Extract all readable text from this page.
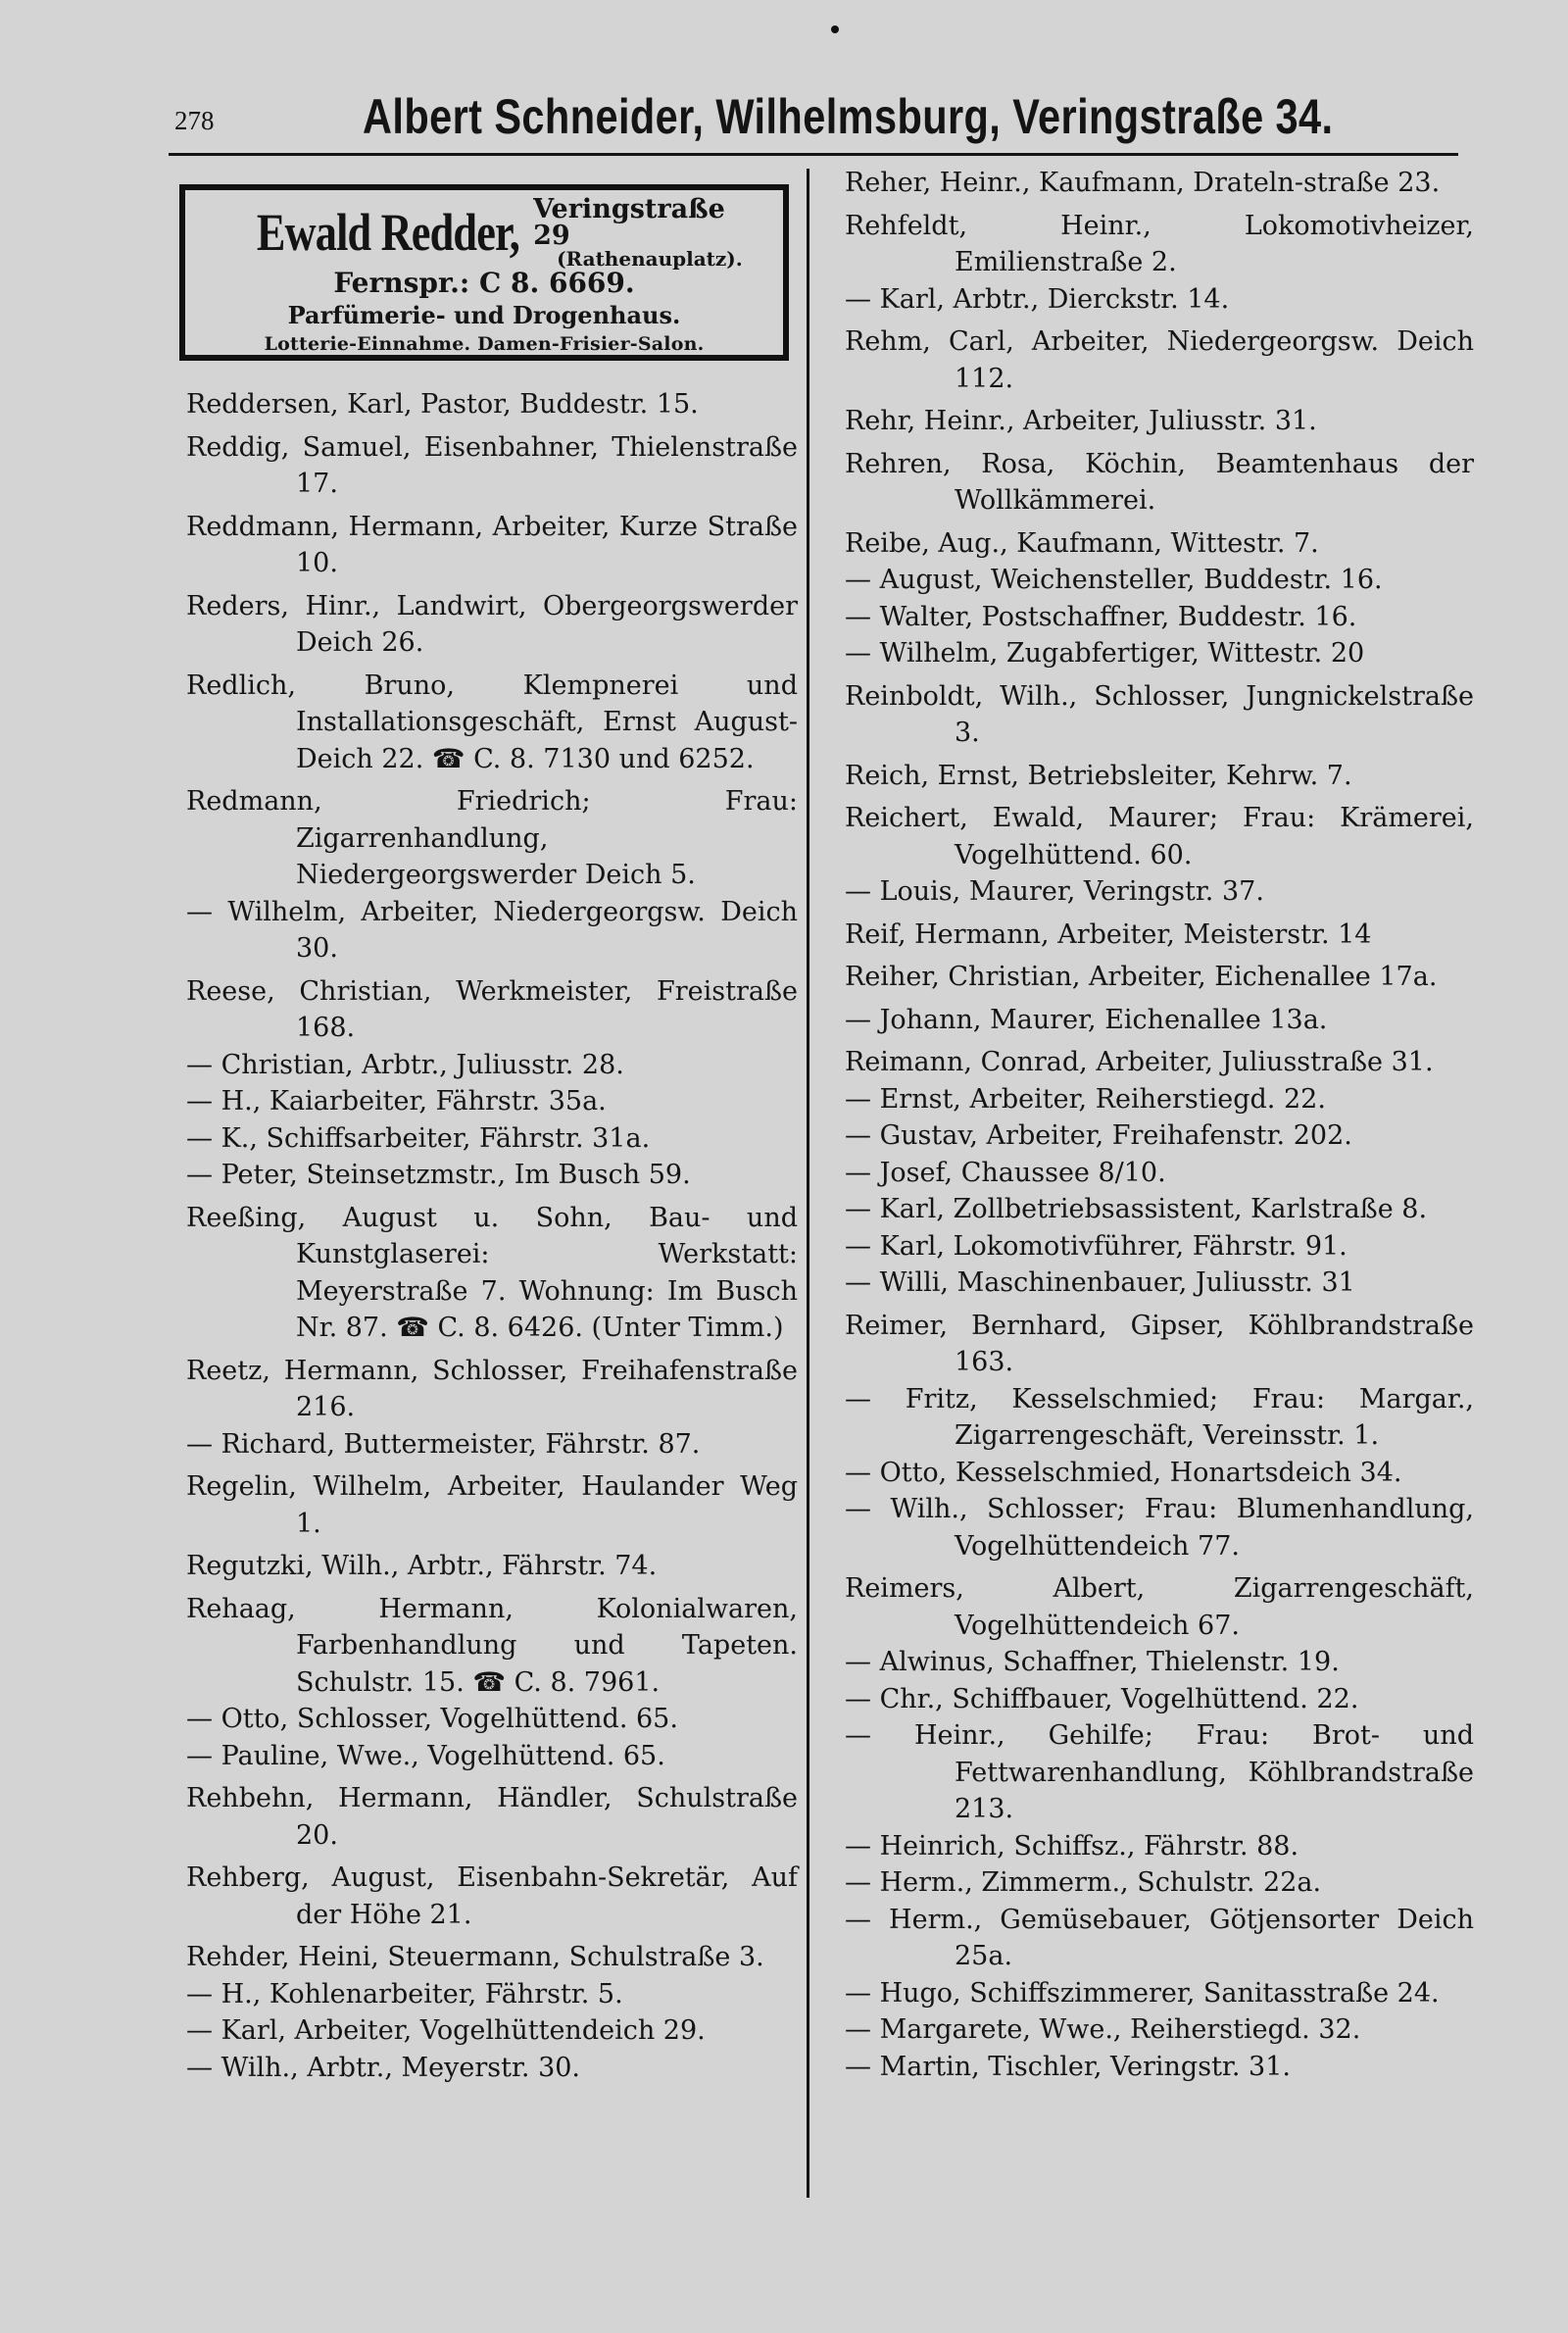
278	Albert Schneider, Wilhelmsburg, Veringstraße 34.
Ewald Redder, Veringstraße 29
(Rathenauplatz).
Fernspr.: C 8. 6669.
Parfümerie- und Drogenhaus.
Lotterie-Einnahme. Damen-Frisier-Salon.
Reddersen, Karl, Pastor, Buddestr. 15.
Reddig, Samuel, Eisenbahner, Thielenstraße 17.
Reddmann, Hermann, Arbeiter, Kurze Straße 10.
Reders, Hinr., Landwirt, Obergeorgswerder Deich 26.
Redlich, Bruno, Klempnerei und Installationsgeschäft, Ernst August-Deich 22. ☎ C. 8. 7130 und 6252.
Redmann, Friedrich; Frau: Zigarrenhandlung, Niedergeorgswerder Deich 5.
— Wilhelm, Arbeiter, Niedergeorgsw. Deich 30.
Reese, Christian, Werkmeister, Freistraße 168.
— Christian, Arbtr., Juliusstr. 28.
— H., Kaiarbeiter, Fährstr. 35a.
— K., Schiffsarbeiter, Fährstr. 31a.
— Peter, Steinsetzmstr., Im Busch 59.
Reeßing, August u. Sohn, Bau- und Kunstglaserei: Werkstatt: Meyerstraße 7. Wohnung: Im Busch Nr. 87. ☎ C. 8. 6426. (Unter Timm.)
Reetz, Hermann, Schlosser, Freihafenstraße 216.
— Richard, Buttermeister, Fährstr. 87.
Regelin, Wilhelm, Arbeiter, Haulander Weg 1.
Regutzki, Wilh., Arbtr., Fährstr. 74.
Rehaag, Hermann, Kolonialwaren, Farbenhandlung und Tapeten. Schulstr. 15. ☎ C. 8. 7961.
— Otto, Schlosser, Vogelhüttend. 65.
— Pauline, Wwe., Vogelhüttend. 65.
Rehbehn, Hermann, Händler, Schulstraße 20.
Rehberg, August, Eisenbahn-Sekretär, Auf der Höhe 21.
Rehder, Heini, Steuermann, Schulstraße 3.
— H., Kohlenarbeiter, Fährstr. 5.
— Karl, Arbeiter, Vogelhüttendeich 29.
— Wilh., Arbtr., Meyerstr. 30.
Reher, Heinr., Kaufmann, Drateln-straße 23.
Rehfeldt, Heinr., Lokomotivheizer, Emilienstraße 2.
— Karl, Arbtr., Dierckstr. 14.
Rehm, Carl, Arbeiter, Niedergeorgsw. Deich 112.
Rehr, Heinr., Arbeiter, Juliusstr. 31.
Rehren, Rosa, Köchin, Beamtenhaus der Wollkämmerei.
Reibe, Aug., Kaufmann, Wittestr. 7.
— August, Weichensteller, Buddestr. 16.
— Walter, Postschaffner, Buddestr. 16.
— Wilhelm, Zugabfertiger, Wittestr. 20
Reinboldt, Wilh., Schlosser, Jungnickelstraße 3.
Reich, Ernst, Betriebsleiter, Kehrw. 7.
Reichert, Ewald, Maurer; Frau: Krämerei, Vogelhüttend. 60.
— Louis, Maurer, Veringstr. 37.
Reif, Hermann, Arbeiter, Meisterstr. 14
Reiher, Christian, Arbeiter, Eichenallee 17a.
— Johann, Maurer, Eichenallee 13a.
Reimann, Conrad, Arbeiter, Juliusstraße 31.
— Ernst, Arbeiter, Reiherstiegd. 22.
— Gustav, Arbeiter, Freihafenstr. 202.
— Josef, Chaussee 8/10.
— Karl, Zollbetriebsassistent, Karlstraße 8.
— Karl, Lokomotivführer, Fährstr. 91.
— Willi, Maschinenbauer, Juliusstr. 31
Reimer, Bernhard, Gipser, Köhlbrandstraße 163.
— Fritz, Kesselschmied; Frau: Margar., Zigarrengeschäft, Vereinsstr. 1.
— Otto, Kesselschmied, Honartsdeich 34.
— Wilh., Schlosser; Frau: Blumenhandlung, Vogelhüttendeich 77.
Reimers, Albert, Zigarrengeschäft, Vogelhüttendeich 67.
— Alwinus, Schaffner, Thielenstr. 19.
— Chr., Schiffbauer, Vogelhüttend. 22.
— Heinr., Gehilfe; Frau: Brot- und Fettwarenhandlung, Köhlbrandstraße 213.
— Heinrich, Schiffsz., Fährstr. 88.
— Herm., Zimmerm., Schulstr. 22a.
— Herm., Gemüsebauer, Götjensorter Deich 25a.
— Hugo, Schiffszimmerer, Sanitasstraße 24.
— Margarete, Wwe., Reiherstiegd. 32.
— Martin, Tischler, Veringstr. 31.
